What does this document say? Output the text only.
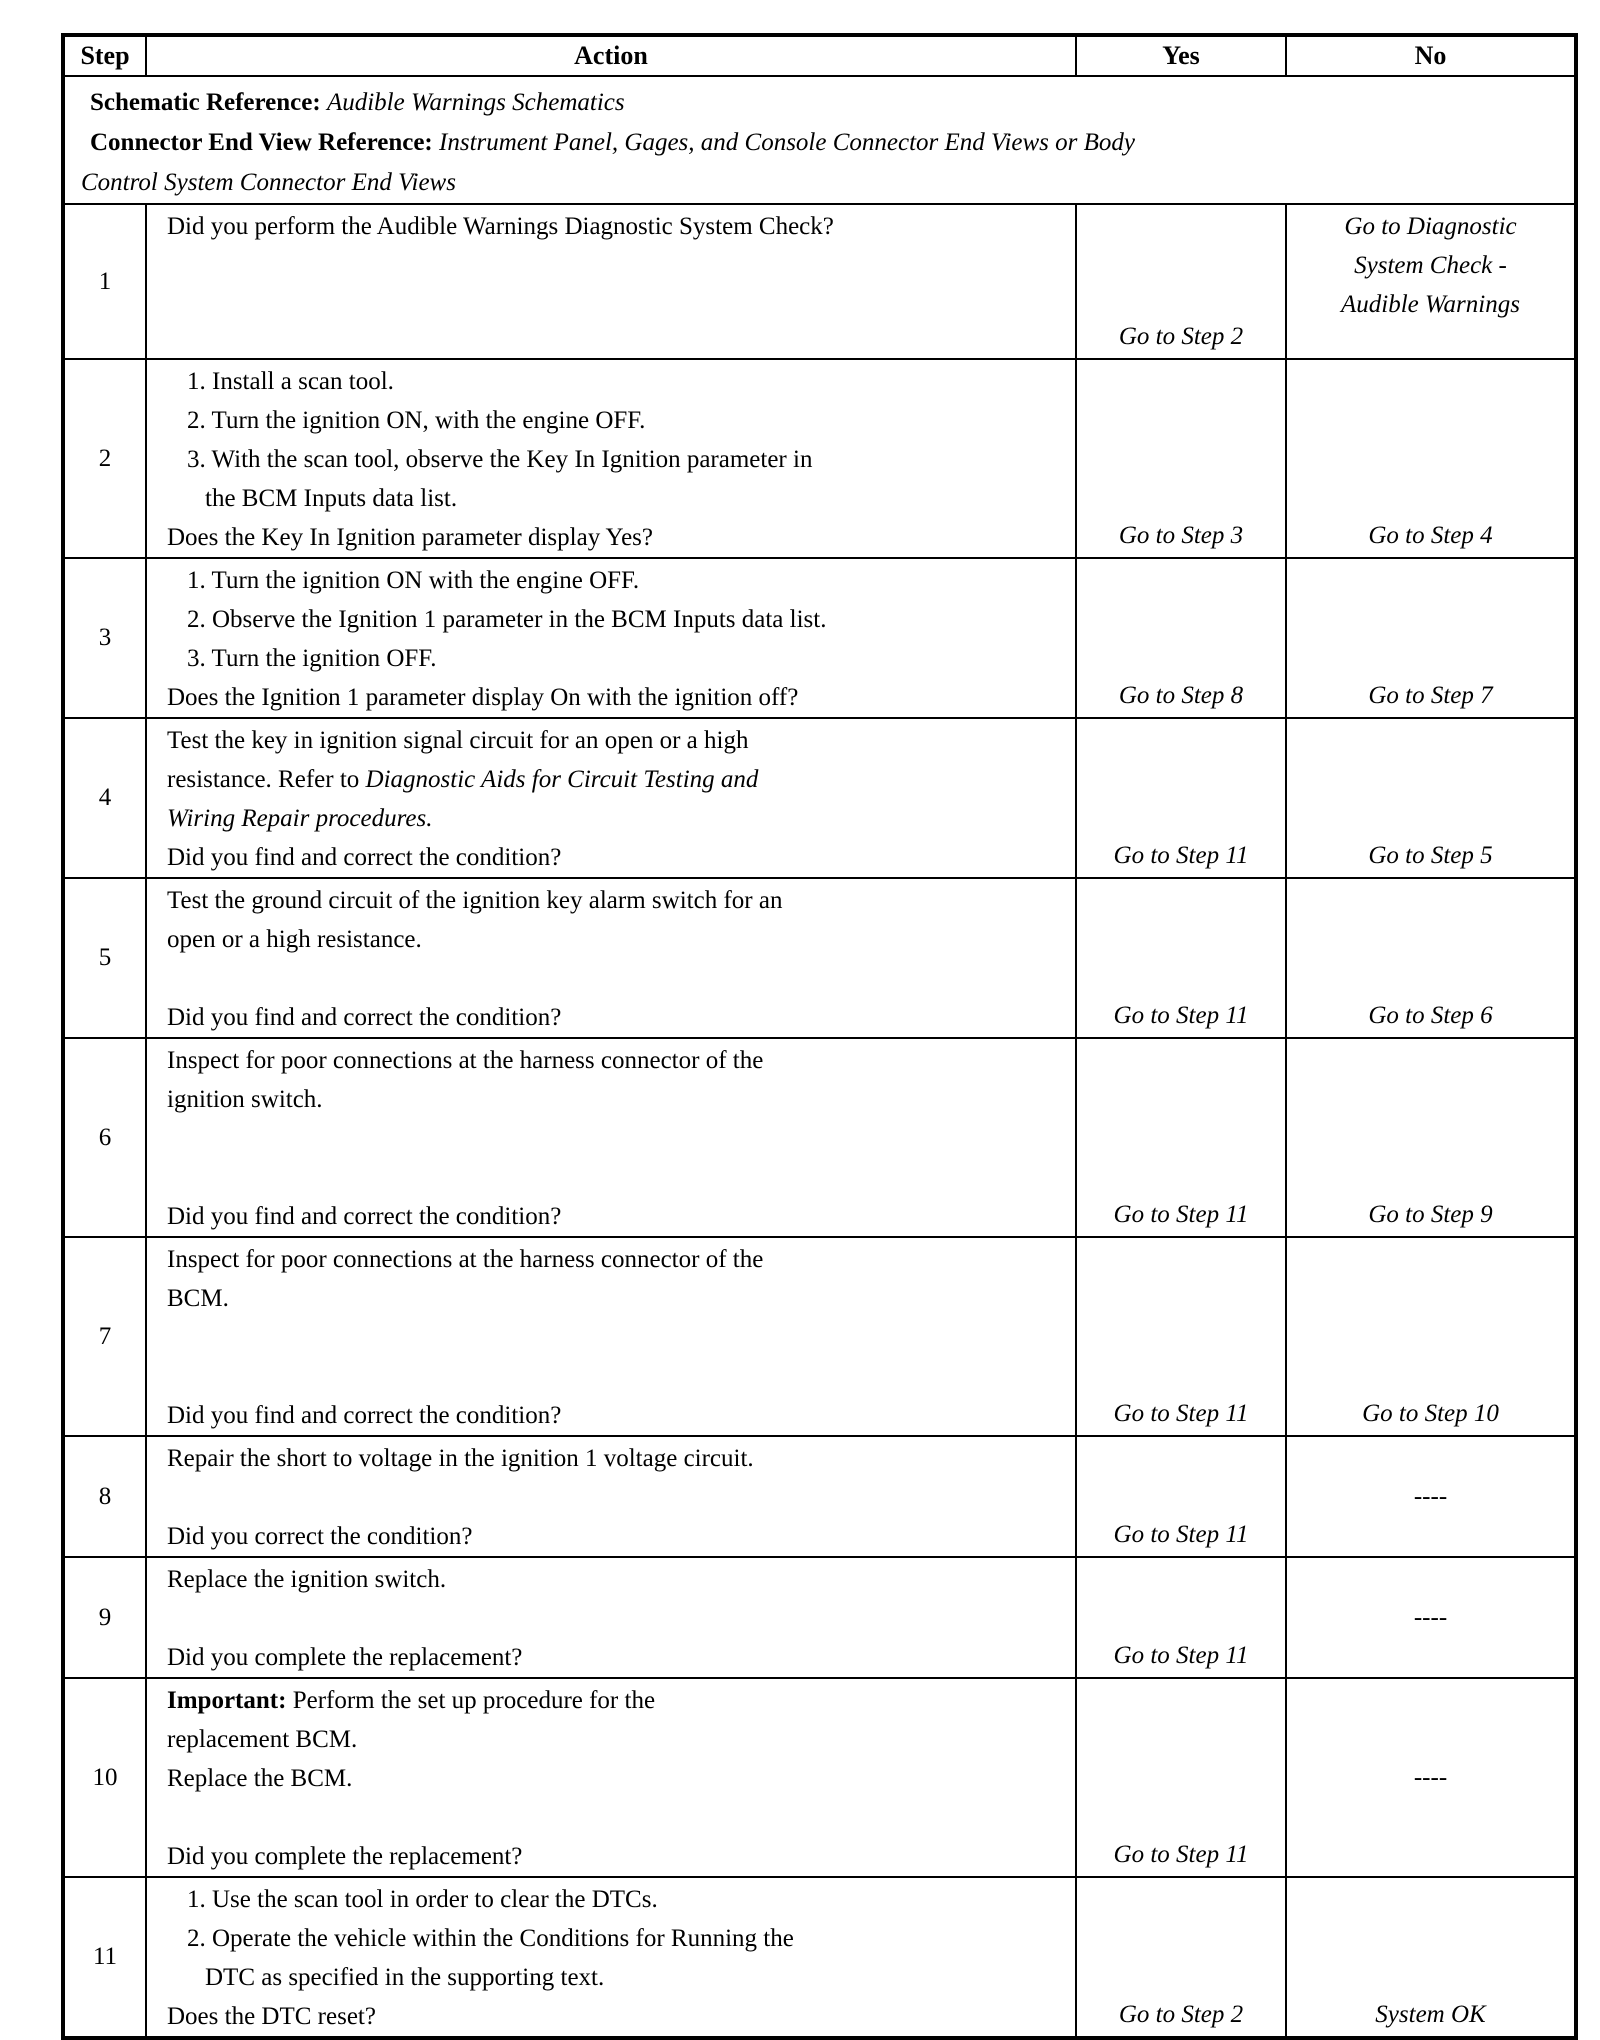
Step	Action	Yes	No

Schematic Reference: Audible Warnings Schematics
Connector End View Reference: Instrument Panel, Gages, and Console Connector End Views or Body
Control System Connector End Views			

1	Did you perform the Audible Warnings Diagnostic System Check?	Go to Step 2	Go to Diagnostic
System Check -
Audible Warnings

2	1. Install a scan tool.
2. Turn the ignition ON, with the engine OFF.
3. With the scan tool, observe the Key In Ignition parameter in
the BCM Inputs data list.
Does the Key In Ignition parameter display Yes?	Go to Step 3	Go to Step 4
3	1. Turn the ignition ON with the engine OFF.
2. Observe the Ignition 1 parameter in the BCM Inputs data list.
3. Turn the ignition OFF.
Does the Ignition 1 parameter display On with the ignition off?	Go to Step 8	Go to Step 7
4	Test the key in ignition signal circuit for an open or a high
resistance. Refer to Diagnostic Aids for Circuit Testing and
Wiring Repair procedures.
Did you find and correct the condition?	Go to Step 11	Go to Step 5
5	Test the ground circuit of the ignition key alarm switch for an
open or a high resistance.

Did you find and correct the condition?	Go to Step 11	Go to Step 6
6	Inspect for poor connections at the harness connector of the
ignition switch.

Did you find and correct the condition?	Go to Step 11	Go to Step 9
7	Inspect for poor connections at the harness connector of the
BCM.

Did you find and correct the condition?	Go to Step 11	Go to Step 10
8	Repair the short to voltage in the ignition 1 voltage circuit.

Did you correct the condition?	Go to Step 11	----
9	Replace the ignition switch.

Did you complete the replacement?	Go to Step 11	----
10	Important: Perform the set up procedure for the
replacement BCM.
Replace the BCM.

Did you complete the replacement?	Go to Step 11	----
11	1. Use the scan tool in order to clear the DTCs.
2. Operate the vehicle within the Conditions for Running the
DTC as specified in the supporting text.
Does the DTC reset?	Go to Step 2	System OK
